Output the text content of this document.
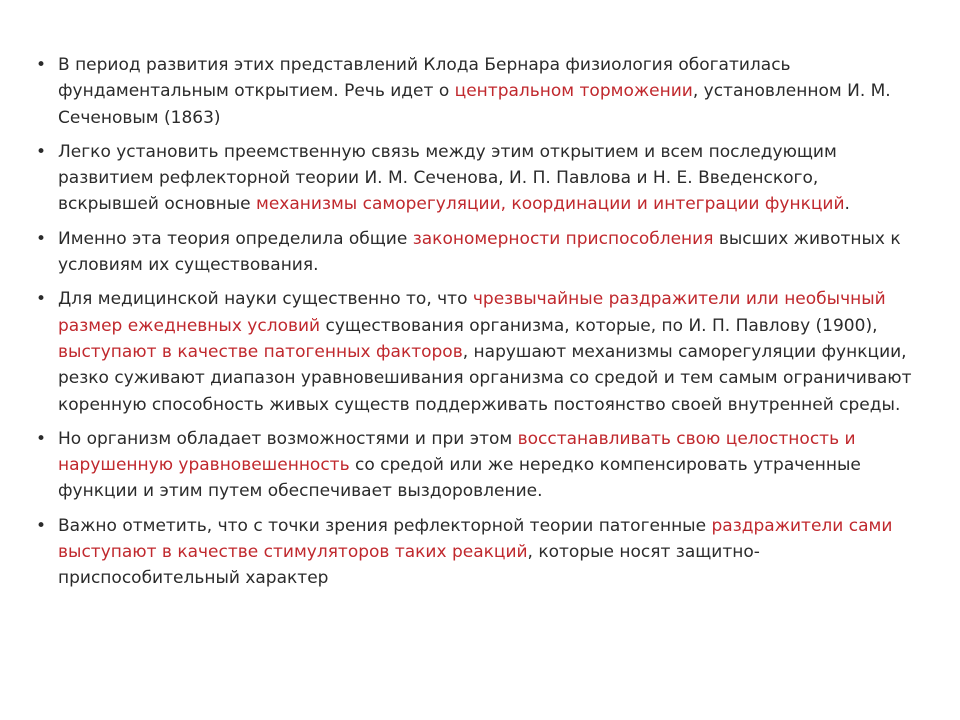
• В период развития этих представлений Клода Бернара физиология обогатилась фундаментальным открытием. Речь идет о центральном торможении, установленном И. М. Сеченовым (1863)
• Легко установить преемственную связь между этим открытием и всем последующим развитием рефлекторной теории И. М. Сеченова, И. П. Павлова и Н. Е. Введенского, вскрывшей основные механизмы саморегуляции, координации и интеграции функций.
• Именно эта теория определила общие закономерности приспособления высших животных к условиям их существования.
• Для медицинской науки существенно то, что чрезвычайные раздражители или необычный размер ежедневных условий существования организма, которые, по И. П. Павлову (1900), выступают в качестве патогенных факторов, нарушают механизмы саморегуляции функции, резко суживают диапазон уравновешивания организма со средой и тем самым ограничивают коренную способность живых существ поддерживать постоянство своей внутренней среды.
• Но организм обладает возможностями и при этом восстанавливать свою целостность и нарушенную уравновешенность со средой или же нередко компенсировать утраченные функции и этим путем обеспечивает выздоровление.
• Важно отметить, что с точки зрения рефлекторной теории патогенные раздражители сами выступают в качестве стимуляторов таких реакций, которые носят защитно-приспособительный характер
